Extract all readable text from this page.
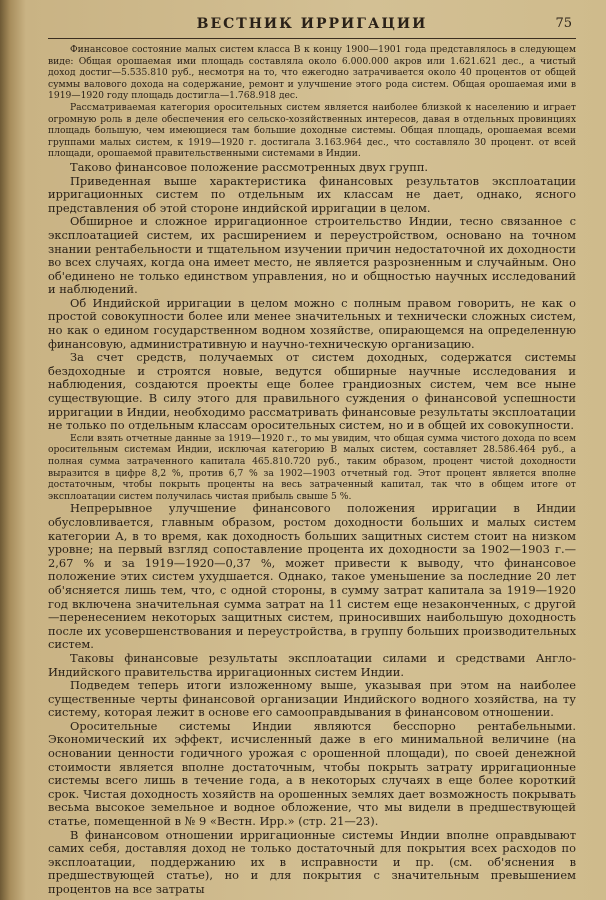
ВЕСТНИК ИРРИГАЦИИ	75

Финансовое состояние малых систем класса В к концу 1900—1901 года представлялось в следующем виде: Общая орошаемая ими площадь составляла около 6.000.000 акров или 1.621.621 дес., а чистый доход достиг—5.535.810 руб., несмотря на то, что ежегодно затрачивается около 40 процентов от общей суммы валового дохода на содержание, ремонт и улучшение этого рода систем. Общая орошаемая ими в 1919—1920 году площадь достигла—1.768.918 дес.

Рассматриваемая категория оросительных систем является наиболее близкой к населению и играет огромную роль в деле обеспечения его сельско-хозяйственных интересов, давая в отдельных провинциях площадь большую, чем имеющиеся там большие доходные системы. Общая площадь, орошаемая всеми группами малых систем, к 1919—1920 г. достигала 3.163.964 дес., что составляло 30 процент. от всей площади, орошаемой правительственными системами в Индии.

Таково финансовое положение рассмотренных двух групп.

Приведенная выше характеристика финансовых результатов эксплоатации ирригационных систем по отдельным их классам не дает, однако, ясного представления об этой стороне индийской ирригации в целом.

Обширное и сложное ирригационное строительство Индии, тесно связанное с эксплоатацией систем, их расширением и переустройством, основано на точном знании рентабельности и тщательном изучении причин недостаточной их доходности во всех случаях, когда она имеет место, не является разрозненным и случайным. Оно об'единено не только единством управления, но и общностью научных исследований и наблюдений.

Об Индийской ирригации в целом можно с полным правом говорить, не как о простой совокупности более или менее значительных и технически сложных систем, но как о едином государственном водном хозяйстве, опирающемся на определенную финансовую, административную и научно-техническую организацию.

За счет средств, получаемых от систем доходных, содержатся системы бездоходные и строятся новые, ведутся обширные научные исследования и наблюдения, создаются проекты еще более грандиозных систем, чем все ныне существующие. В силу этого для правильного суждения о финансовой успешности ирригации в Индии, необходимо рассматривать финансовые результаты эксплоатации не только по отдельным классам оросительных систем, но и в общей их совокупности.

Если взять отчетные данные за 1919—1920 г., то мы увидим, что общая сумма чистого дохода по всем оросительным системам Индии, исключая категорию В малых систем, составляет 28.586.464 руб., а полная сумма затраченного капитала 465.810.720 руб., таким образом, процент чистой доходности выразится в цифре 8,2 %, против 6,7 % за 1902—1903 отчетный год. Этот процент является вполне достаточным, чтобы покрыть проценты на весь затраченный капитал, так что в общем итоге от эксплоатации систем получилась чистая прибыль свыше 5 %.

Непрерывное улучшение финансового положения ирригации в Индии обусловливается, главным образом, ростом доходности больших и малых систем категории А, в то время, как доходность больших защитных систем стоит на низком уровне; на первый взгляд сопоставление процента их доходности за 1902—1903 г.—2,67 % и за 1919—1920—0,37 %, может привести к выводу, что финансовое положение этих систем ухудшается. Однако, такое уменьшение за последние 20 лет об'ясняется лишь тем, что, с одной стороны, в сумму затрат капитала за 1919—1920 год включена значительная сумма затрат на 11 систем еще незаконченных, с другой—перенесением некоторых защитных систем, приносивших наибольшую доходность после их усовершенствования и переустройства, в группу больших производительных систем.

Таковы финансовые результаты эксплоатации силами и средствами Англо-Индийского правительства ирригационных систем Индии.

Подведем теперь итоги изложенному выше, указывая при этом на наиболее существенные черты финансовой организации Индийского водного хозяйства, на ту систему, которая лежит в основе его самооправдывания в финансовом отношении.

Оросительные системы Индии являются бесспорно рентабельными. Экономический их эффект, исчисленный даже в его минимальной величине (на основании ценности годичного урожая с орошенной площади), по своей денежной стоимости является вполне достаточным, чтобы покрыть затрату ирригационные системы всего лишь в течение года, а в некоторых случаях в еще более короткий срок. Чистая доходность хозяйств на орошенных землях дает возможность покрывать весьма высокое земельное и водное обложение, что мы видели в предшествующей статье, помещенной в № 9 «Вестн. Ирр.» (стр. 21—23).

В финансовом отношении ирригационные системы Индии вполне оправдывают самих себя, доставляя доход не только достаточный для покрытия всех расходов по эксплоатации, поддержанию их в исправности и пр. (см. об'яснения в предшествующей статье), но и для покрытия с значительным превышением процентов на все затраты
